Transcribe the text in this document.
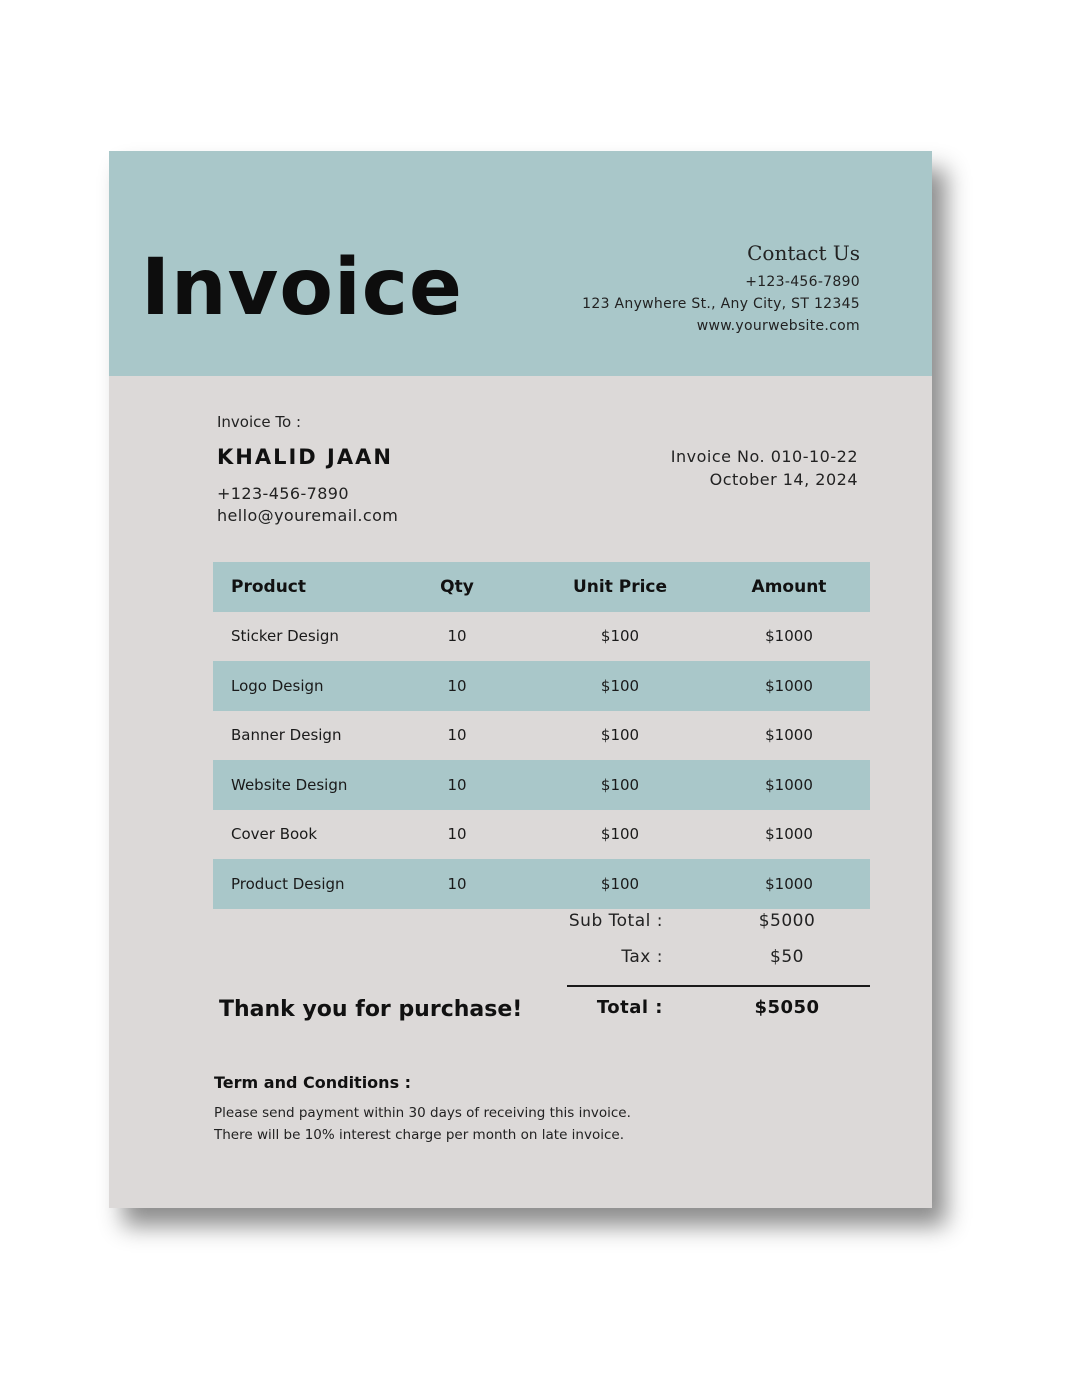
Invoice	Contact Us
+123-456-7890
123 Anywhere St., Any City, ST 12345
www.yourwebsite.com
Invoice To :
KHALID JAAN
+123-456-7890
hello@youremail.com
Invoice No. 010-10-22
October 14, 2024
Product	Qty	Unit Price	Amount
Sticker Design	10	$100	$1000
Logo Design	10	$100	$1000
Banner Design	10	$100	$1000
Website Design	10	$100	$1000
Cover Book	10	$100	$1000
Product Design	10	$100	$1000
Sub Total :	$5000
Tax :	$50
Total :	$5050
Thank you for purchase!
Term and Conditions :
Please send payment within 30 days of receiving this invoice.
There will be 10% interest charge per month on late invoice.
